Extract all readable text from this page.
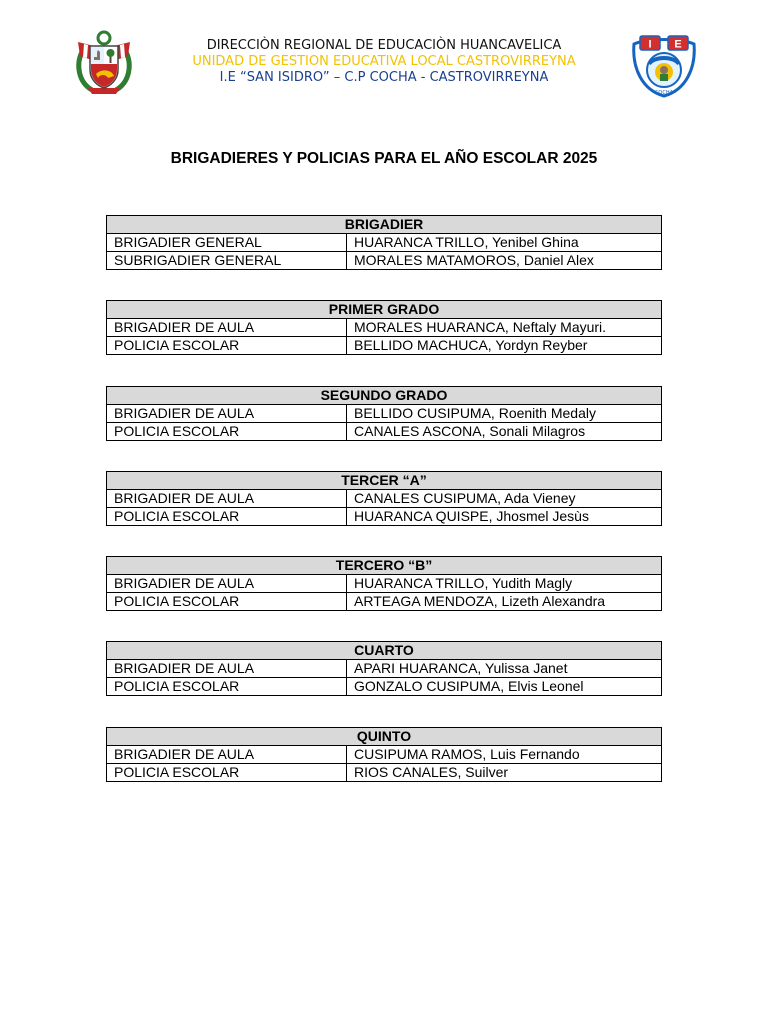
I E
COCHA
DIRECCIÒN REGIONAL DE EDUCACIÒN HUANCAVELICA
UNIDAD DE GESTION EDUCATIVA LOCAL CASTROVIRREYNA
I.E “SAN ISIDRO” – C.P COCHA - CASTROVIRREYNA
BRIGADIERES Y POLICIAS PARA EL AÑO ESCOLAR 2025
BRIGADIER	
BRIGADIER GENERAL	HUARANCA TRILLO, Yenibel Ghina
SUBRIGADIER GENERAL	MORALES MATAMOROS, Daniel Alex
PRIMER GRADO	
BRIGADIER DE AULA	MORALES HUARANCA, Neftaly Mayuri.
POLICIA ESCOLAR	BELLIDO MACHUCA, Yordyn Reyber
SEGUNDO GRADO	
BRIGADIER DE AULA	BELLIDO CUSIPUMA, Roenith Medaly
POLICIA ESCOLAR	CANALES ASCONA, Sonali Milagros
TERCER “A”	
BRIGADIER DE AULA	CANALES CUSIPUMA, Ada Vieney
POLICIA ESCOLAR	HUARANCA QUISPE, Jhosmel Jesùs
TERCERO “B”	
BRIGADIER DE AULA	HUARANCA TRILLO, Yudith Magly
POLICIA ESCOLAR	ARTEAGA MENDOZA, Lizeth Alexandra
CUARTO	
BRIGADIER DE AULA	APARI HUARANCA, Yulissa Janet
POLICIA ESCOLAR	GONZALO CUSIPUMA, Elvis Leonel
QUINTO	
BRIGADIER DE AULA	CUSIPUMA RAMOS, Luis Fernando
POLICIA ESCOLAR	RIOS CANALES, Suilver
